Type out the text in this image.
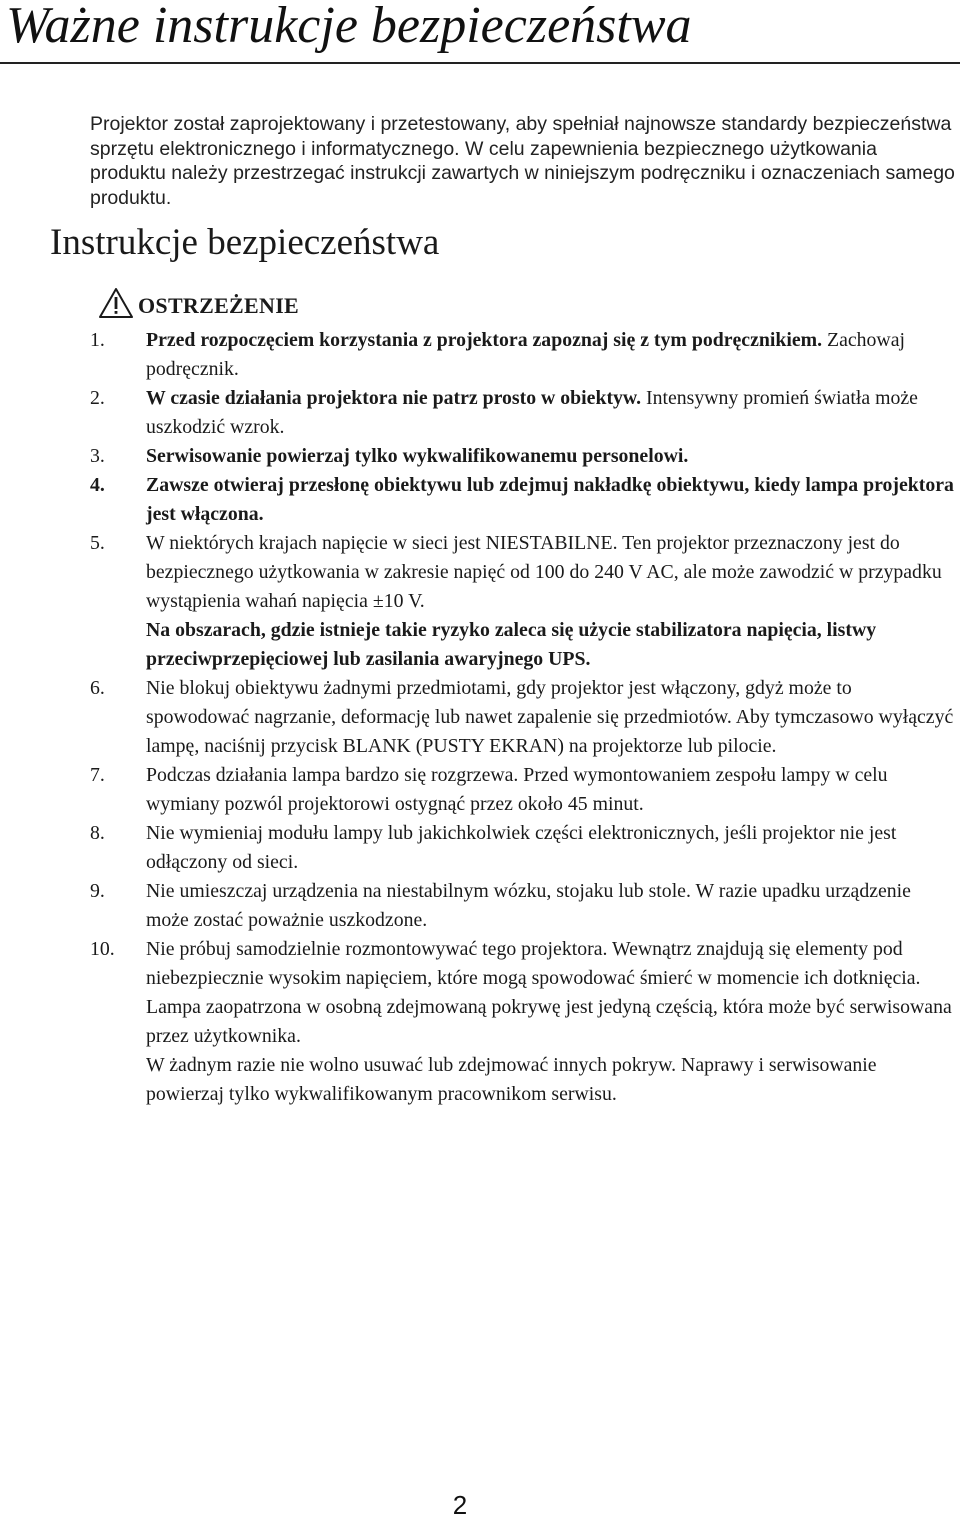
Ważne instrukcje bezpieczeństwa

Projektor został zaprojektowany i przetestowany, aby spełniał najnowsze standardy bezpieczeństwa sprzętu elektronicznego i informatycznego. W celu zapewnienia bezpiecznego użytkowania produktu należy przestrzegać instrukcji zawartych w niniejszym podręczniku i oznaczeniach samego produktu.

Instrukcje bezpieczeństwa
OSTRZEŻENIE
1.	Przed rozpoczęciem korzystania z projektora zapoznaj się z tym podręcznikiem. Zachowaj podręcznik.
2.	W czasie działania projektora nie patrz prosto w obiektyw. Intensywny promień światła może uszkodzić wzrok.
3.	Serwisowanie powierzaj tylko wykwalifikowanemu personelowi.
4.	Zawsze otwieraj przesłonę obiektywu lub zdejmuj nakładkę obiektywu, kiedy lampa projektora jest włączona.
5.	W niektórych krajach napięcie w sieci jest NIESTABILNE. Ten projektor przeznaczony jest do bezpiecznego użytkowania w zakresie napięć od 100 do 240 V AC, ale może zawodzić w przypadku wystąpienia wahań napięcia ±10 V.
Na obszarach, gdzie istnieje takie ryzyko zaleca się użycie stabilizatora napięcia, listwy przeciwprzepięciowej lub zasilania awaryjnego UPS.
6.	Nie blokuj obiektywu żadnymi przedmiotami, gdy projektor jest włączony, gdyż może to spowodować nagrzanie, deformację lub nawet zapalenie się przedmiotów. Aby tymczasowo wyłączyć lampę, naciśnij przycisk BLANK (PUSTY EKRAN) na projektorze lub pilocie.
7.	Podczas działania lampa bardzo się rozgrzewa. Przed wymontowaniem zespołu lampy w celu wymiany pozwól projektorowi ostygnąć przez około 45 minut.
8.	Nie wymieniaj modułu lampy lub jakichkolwiek części elektronicznych, jeśli projektor nie jest odłączony od sieci.
9.	Nie umieszczaj urządzenia na niestabilnym wózku, stojaku lub stole. W razie upadku urządzenie może zostać poważnie uszkodzone.
10.	Nie próbuj samodzielnie rozmontowywać tego projektora. Wewnątrz znajdują się elementy pod niebezpiecznie wysokim napięciem, które mogą spowodować śmierć w momencie ich dotknięcia. Lampa zaopatrzona w osobną zdejmowaną pokrywę jest jedyną częścią, która może być serwisowana przez użytkownika.
W żadnym razie nie wolno usuwać lub zdejmować innych pokryw. Naprawy i serwisowanie powierzaj tylko wykwalifikowanym pracownikom serwisu.
2
